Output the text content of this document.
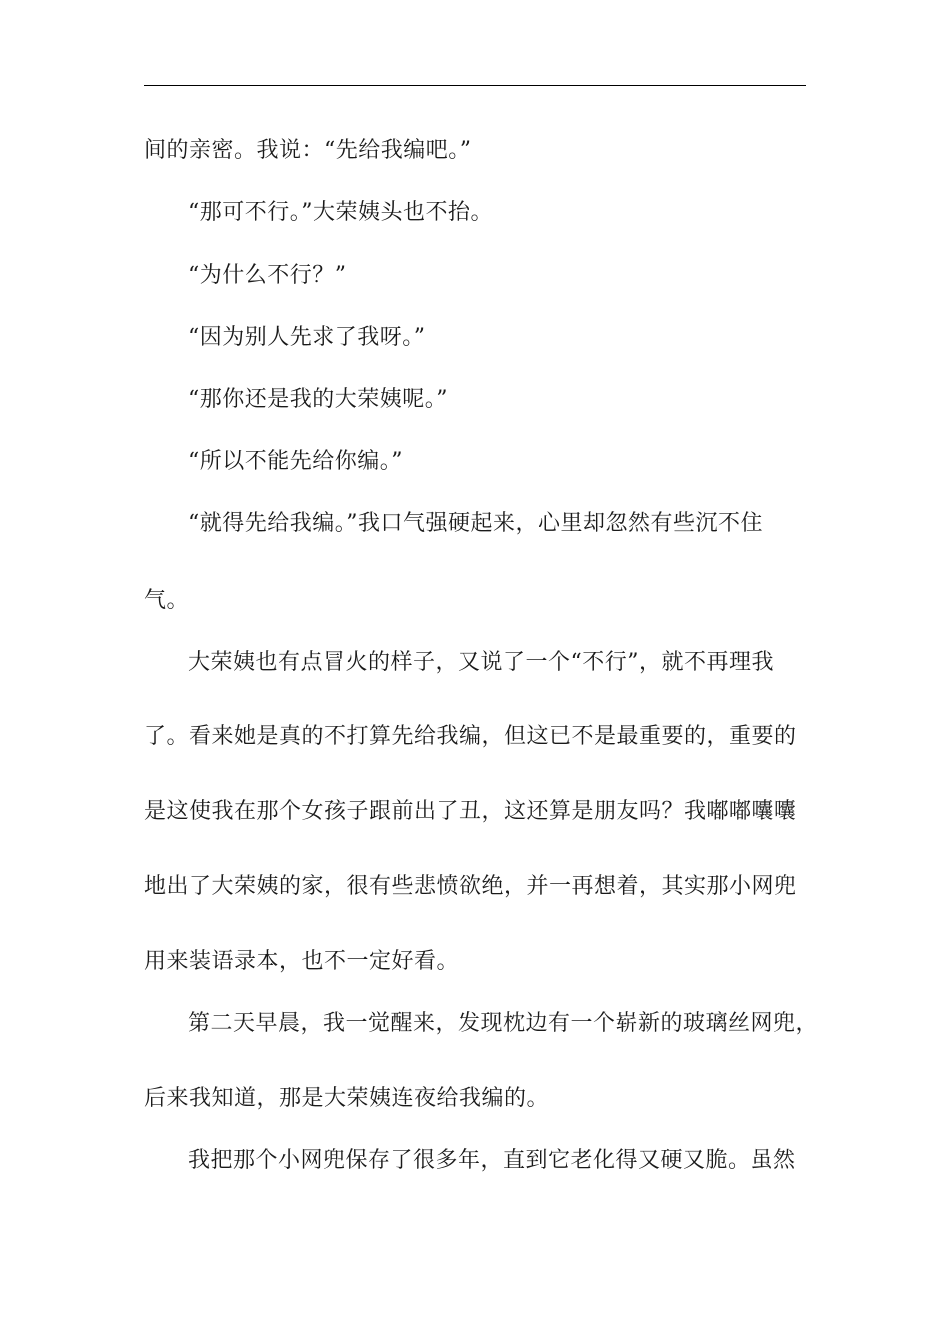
间的亲密。我说：“先给我编吧。”
“那可不行。”大荣姨头也不抬。
“为什么不行？”
“因为别人先求了我呀。”
“那你还是我的大荣姨呢。”
“所以不能先给你编。”
“就得先给我编。”我口气强硬起来，心里却忽然有些沉不住
气。
大荣姨也有点冒火的样子，又说了一个“不行”，就不再理我
了。看来她是真的不打算先给我编，但这已不是最重要的，重要的
是这使我在那个女孩子跟前出了丑，这还算是朋友吗？我嘟嘟囔囔
地出了大荣姨的家，很有些悲愤欲绝，并一再想着，其实那小网兜
用来装语录本，也不一定好看。
第二天早晨，我一觉醒来，发现枕边有一个崭新的玻璃丝网兜，
后来我知道，那是大荣姨连夜给我编的。
我把那个小网兜保存了很多年，直到它老化得又硬又脆。虽然
